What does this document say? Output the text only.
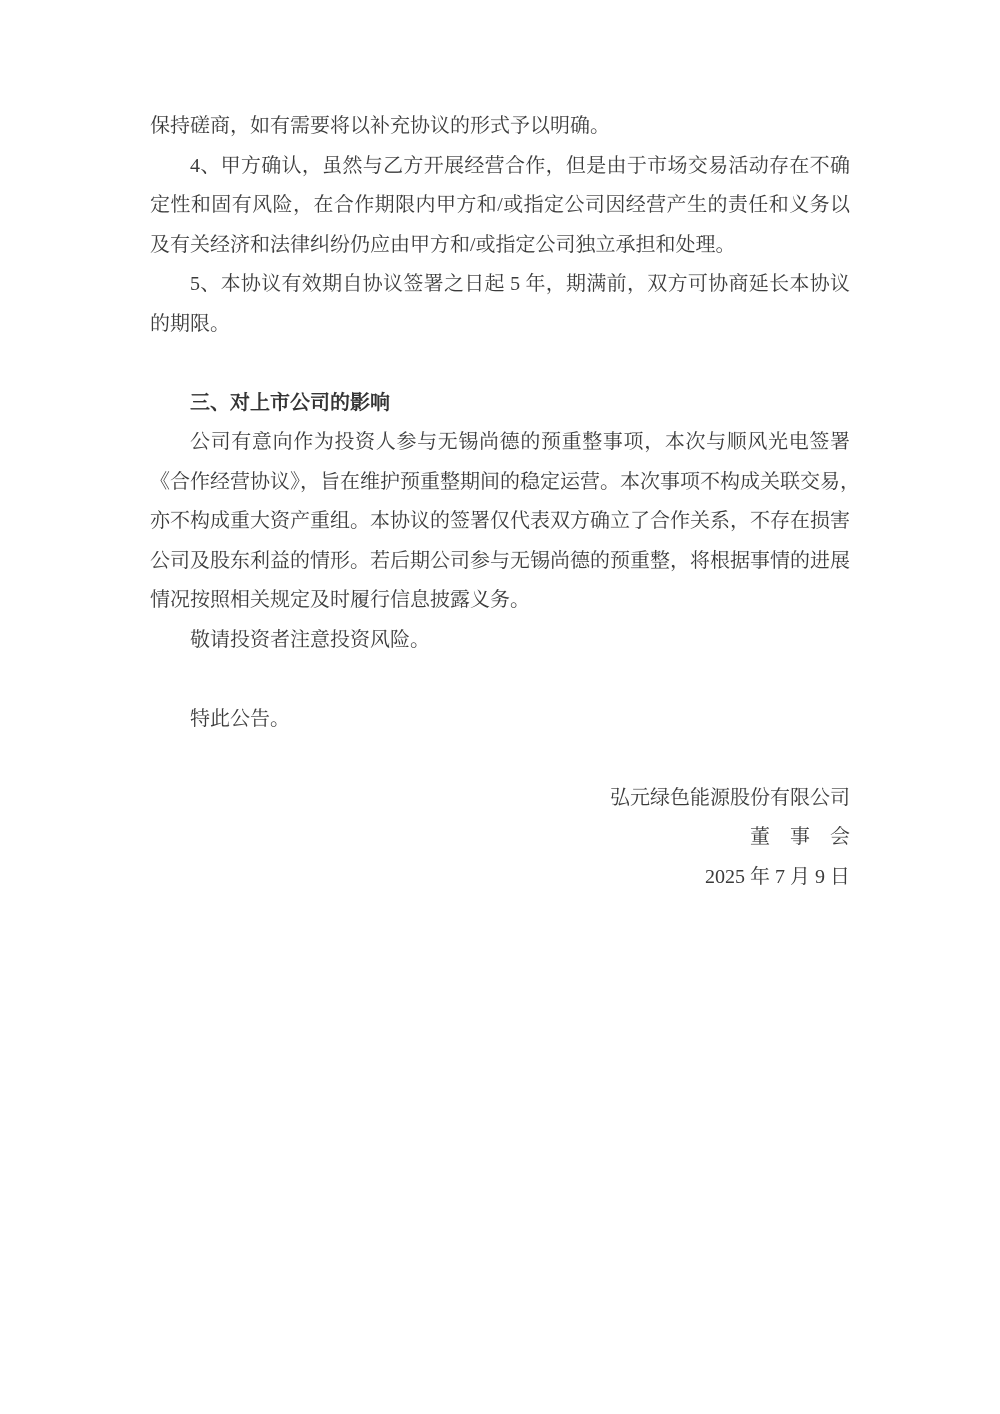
保持磋商，如有需要将以补充协议的形式予以明确。

4、甲方确认，虽然与乙方开展经营合作，但是由于市场交易活动存在不确

定性和固有风险，在合作期限内甲方和/或指定公司因经营产生的责任和义务以

及有关经济和法律纠纷仍应由甲方和/或指定公司独立承担和处理。

5、本协议有效期自协议签署之日起 5 年，期满前，双方可协商延长本协议

的期限。

三、对上市公司的影响

公司有意向作为投资人参与无锡尚德的预重整事项，本次与顺风光电签署

《合作经营协议》，旨在维护预重整期间的稳定运营。本次事项不构成关联交易，

亦不构成重大资产重组。本协议的签署仅代表双方确立了合作关系，不存在损害

公司及股东利益的情形。若后期公司参与无锡尚德的预重整，将根据事情的进展

情况按照相关规定及时履行信息披露义务。

敬请投资者注意投资风险。

特此公告。

弘元绿色能源股份有限公司

董　事　会

2025 年 7 月 9 日
